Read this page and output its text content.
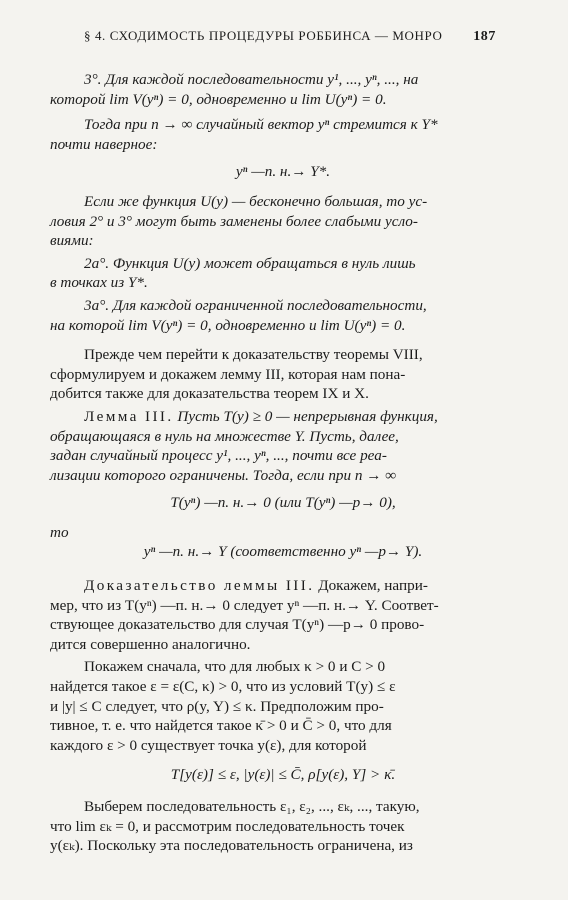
§ 4. СХОДИМОСТЬ ПРОЦЕДУРЫ РОББИНСА — МОНРО 187
3°. Для каждой последовательности y¹, ..., yⁿ, ..., на
которой lim V(yⁿ) = 0, одновременно и lim U(yⁿ) = 0.
Тогда при n → ∞ случайный вектор yⁿ стремится к Y*
почти наверное:
yⁿ —п. н.→ Y*.
Если же функция U(y) — бесконечно большая, то ус-
ловия 2° и 3° могут быть заменены более слабыми усло-
виями:
2a°. Функция U(y) может обращаться в нуль лишь
в точках из Y*.
3a°. Для каждой ограниченной последовательности,
на которой lim V(yⁿ) = 0, одновременно и lim U(yⁿ) = 0.
Прежде чем перейти к доказательству теоремы VIII,
сформулируем и докажем лемму III, которая нам пона-
добится также для доказательства теорем IX и X.
Лемма III. Пусть T(y) ≥ 0 — непрерывная функция,
обращающаяся в нуль на множестве Y. Пусть, далее,
задан случайный процесс y¹, ..., yⁿ, ..., почти все реа-
лизации которого ограничены. Тогда, если при n → ∞
T(yⁿ) —п. н.→ 0 (или T(yⁿ) —p→ 0),
то
yⁿ —п. н.→ Y (соответственно yⁿ —p→ Y).
Доказательство леммы III. Докажем, напри-
мер, что из T(yⁿ) —п. н.→ 0 следует yⁿ —п. н.→ Y. Соответ-
ствующее доказательство для случая T(yⁿ) —p→ 0 прово-
дится совершенно аналогично.
Покажем сначала, что для любых κ > 0 и C > 0
найдется такое ε = ε(C, κ) > 0, что из условий T(y) ≤ ε
и |y| ≤ C следует, что ρ(y, Y) ≤ κ. Предположим про-
тивное, т. е. что найдется такое κ̄ > 0 и C̄ > 0, что для
каждого ε > 0 существует точка y(ε), для которой
T[y(ε)] ≤ ε, |y(ε)| ≤ C̄, ρ[y(ε), Y] > κ̄.
Выберем последовательность ε₁, ε₂, ..., εₖ, ..., такую,
что lim εₖ = 0, и рассмотрим последовательность точек
y(εₖ). Поскольку эта последовательность ограничена, из
